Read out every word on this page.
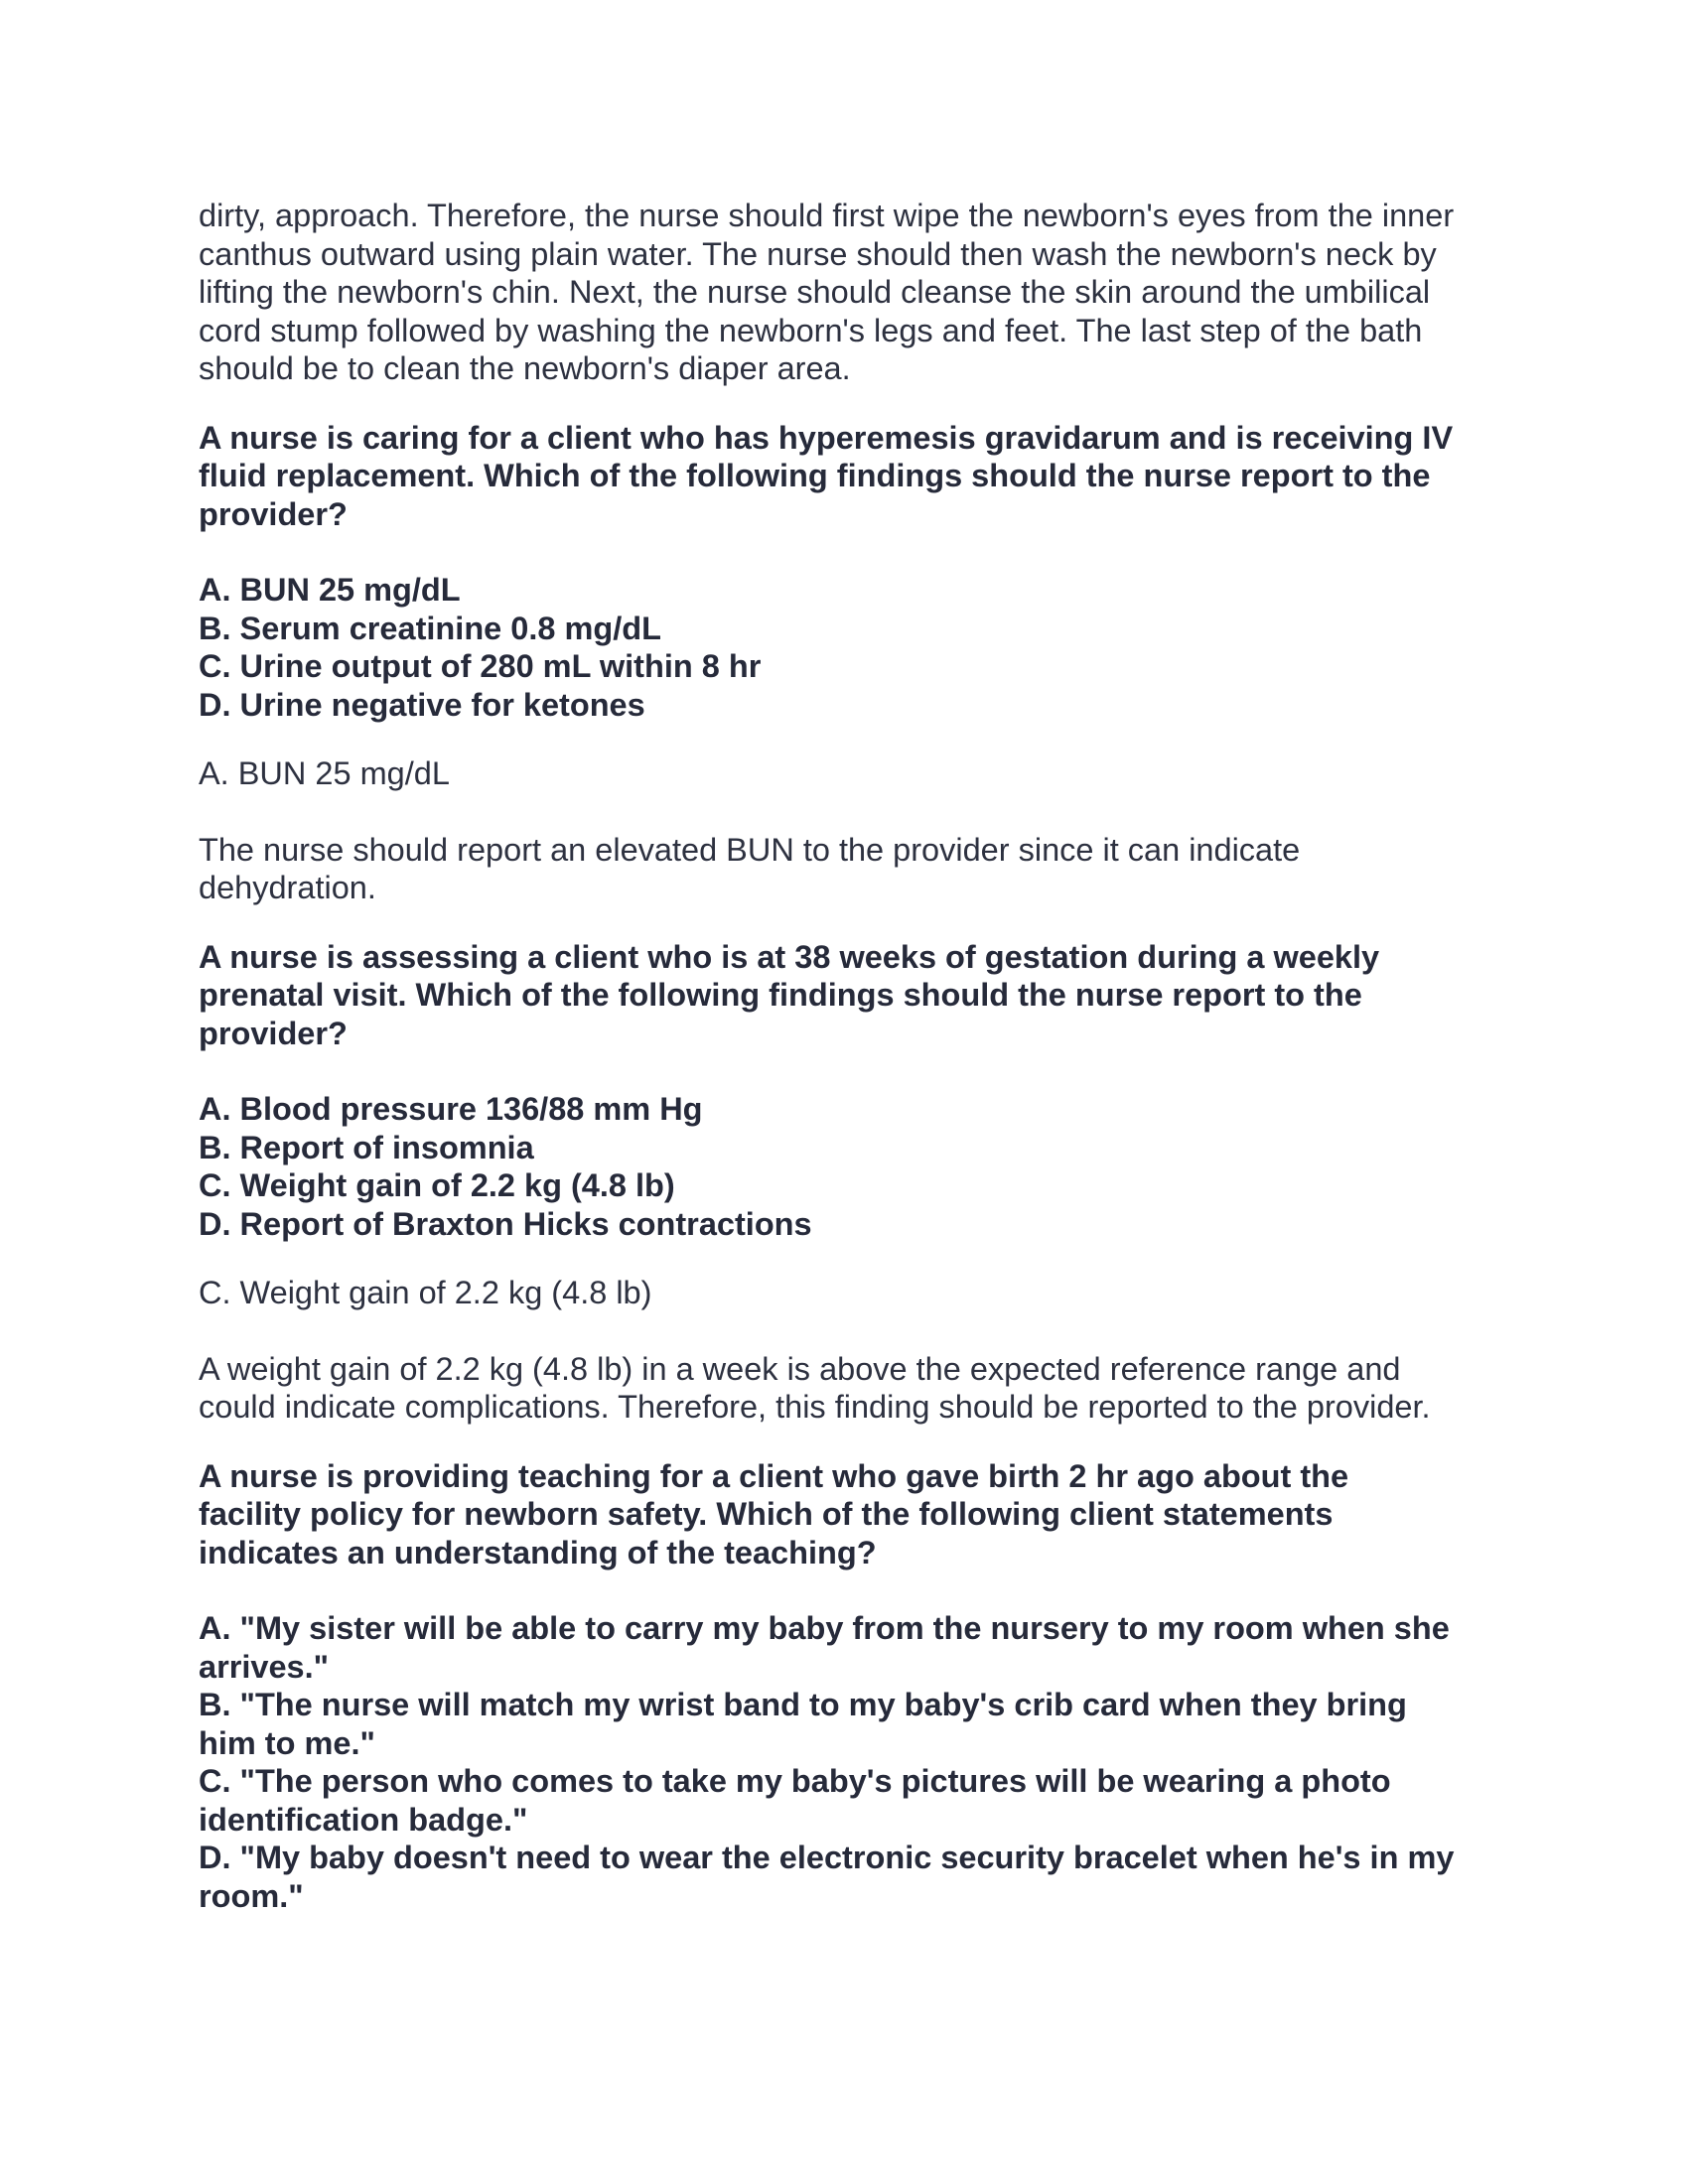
dirty, approach. Therefore, the nurse should first wipe the newborn's eyes from the inner
canthus outward using plain water. The nurse should then wash the newborn's neck by
lifting the newborn's chin. Next, the nurse should cleanse the skin around the umbilical
cord stump followed by washing the newborn's legs and feet. The last step of the bath
should be to clean the newborn's diaper area.

A nurse is caring for a client who has hyperemesis gravidarum and is receiving IV
fluid replacement. Which of the following findings should the nurse report to the
provider?

A. BUN 25 mg/dL
B. Serum creatinine 0.8 mg/dL
C. Urine output of 280 mL within 8 hr
D. Urine negative for ketones

A. BUN 25 mg/dL

The nurse should report an elevated BUN to the provider since it can indicate
dehydration.

A nurse is assessing a client who is at 38 weeks of gestation during a weekly
prenatal visit. Which of the following findings should the nurse report to the
provider?

A. Blood pressure 136/88 mm Hg
B. Report of insomnia
C. Weight gain of 2.2 kg (4.8 lb)
D. Report of Braxton Hicks contractions

C. Weight gain of 2.2 kg (4.8 lb)

A weight gain of 2.2 kg (4.8 lb) in a week is above the expected reference range and
could indicate complications. Therefore, this finding should be reported to the provider.

A nurse is providing teaching for a client who gave birth 2 hr ago about the
facility policy for newborn safety. Which of the following client statements
indicates an understanding of the teaching?

A. "My sister will be able to carry my baby from the nursery to my room when she
arrives."
B. "The nurse will match my wrist band to my baby's crib card when they bring
him to me."
C. "The person who comes to take my baby's pictures will be wearing a photo
identification badge."
D. "My baby doesn't need to wear the electronic security bracelet when he's in my
room."
